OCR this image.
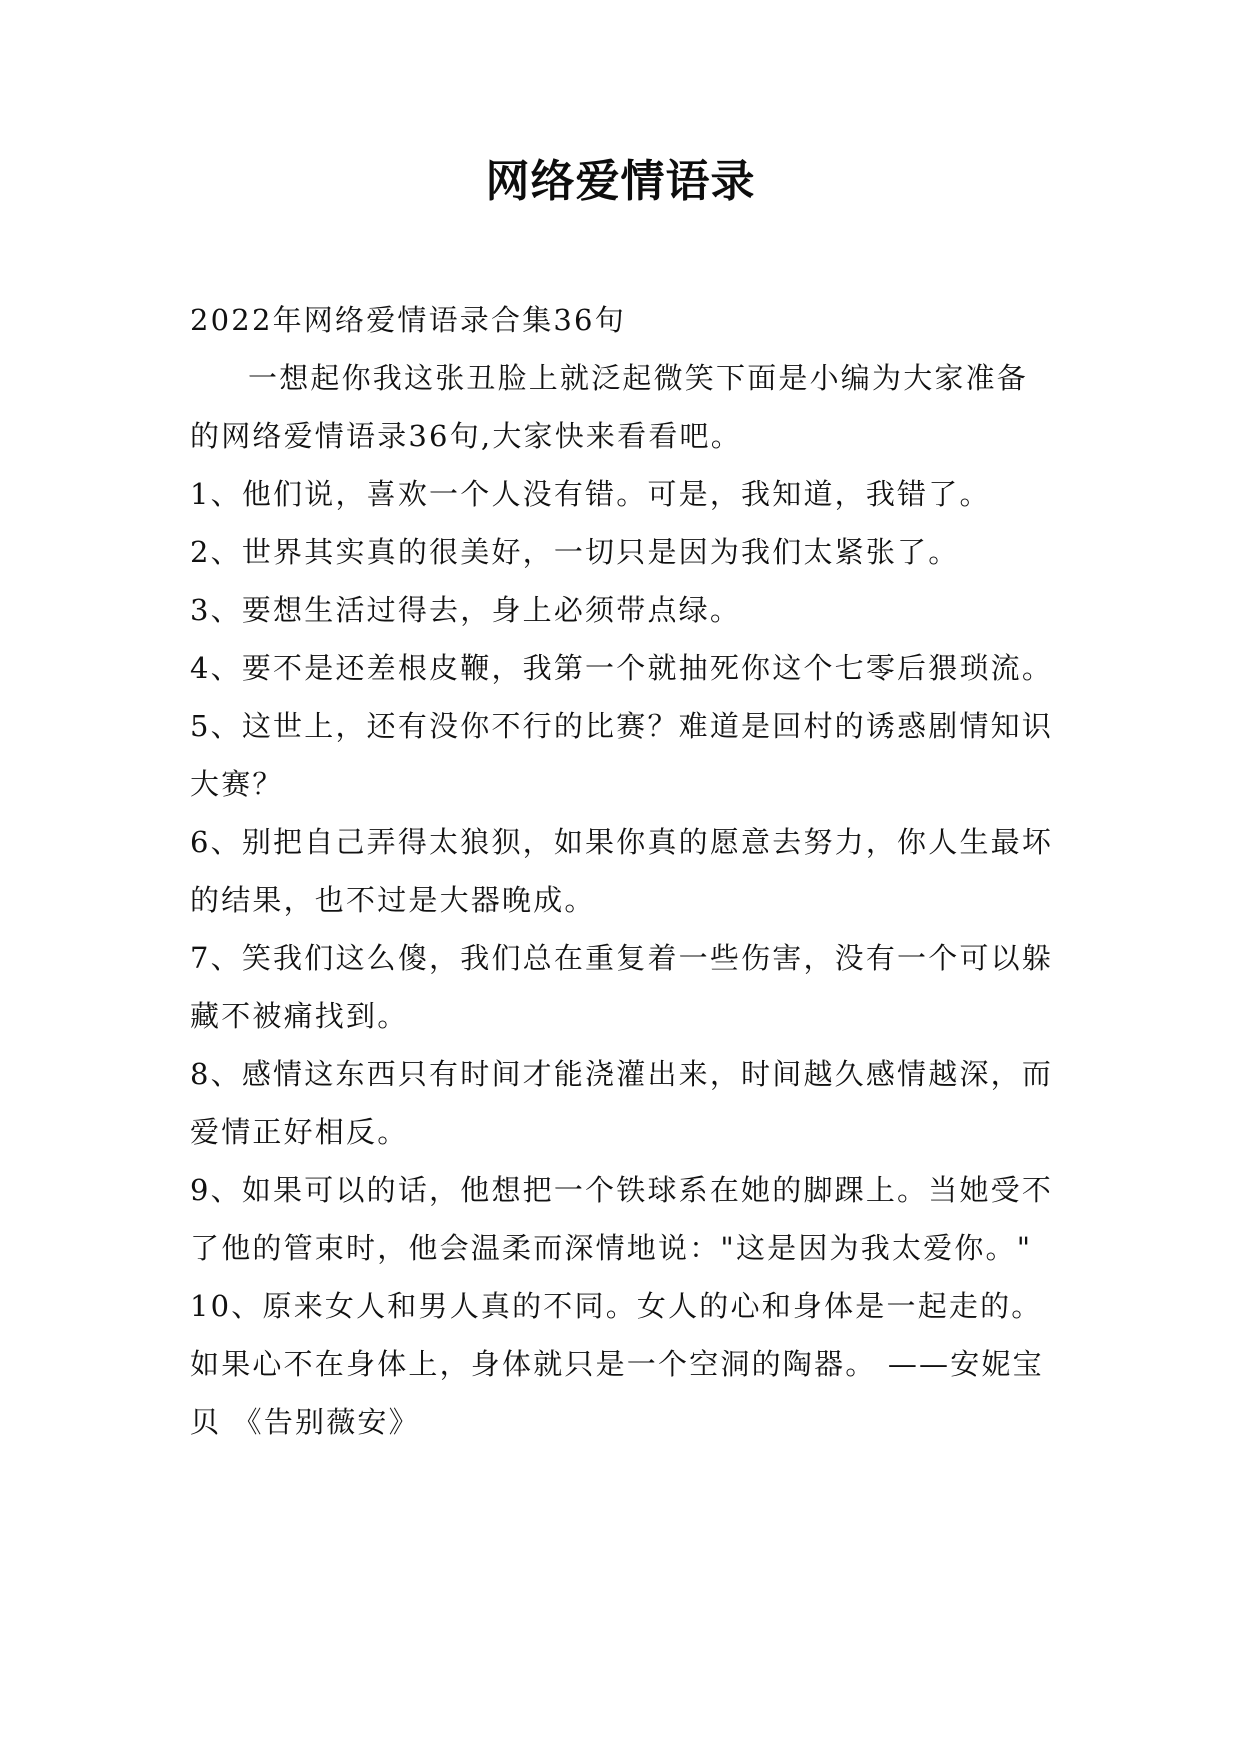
网络爱情语录

2022年网络爱情语录合集36句

一想起你我这张丑脸上就泛起微笑下面是小编为大家准备的网络爱情语录36句,大家快来看看吧。

1、他们说，喜欢一个人没有错。可是，我知道，我错了。

2、世界其实真的很美好，一切只是因为我们太紧张了。

3、要想生活过得去，身上必须带点绿。

4、要不是还差根皮鞭，我第一个就抽死你这个七零后猥琐流。

5、这世上，还有没你不行的比赛？难道是回村的诱惑剧情知识大赛？

6、别把自己弄得太狼狈，如果你真的愿意去努力，你人生最坏的结果，也不过是大器晚成。

7、笑我们这么傻，我们总在重复着一些伤害，没有一个可以躲藏不被痛找到。

8、感情这东西只有时间才能浇灌出来，时间越久感情越深，而爱情正好相反。

9、如果可以的话，他想把一个铁球系在她的脚踝上。当她受不了他的管束时，他会温柔而深情地说："这是因为我太爱你。"

10、原来女人和男人真的不同。女人的心和身体是一起走的。如果心不在身体上，身体就只是一个空洞的陶器。 ——安妮宝贝 《告别薇安》
